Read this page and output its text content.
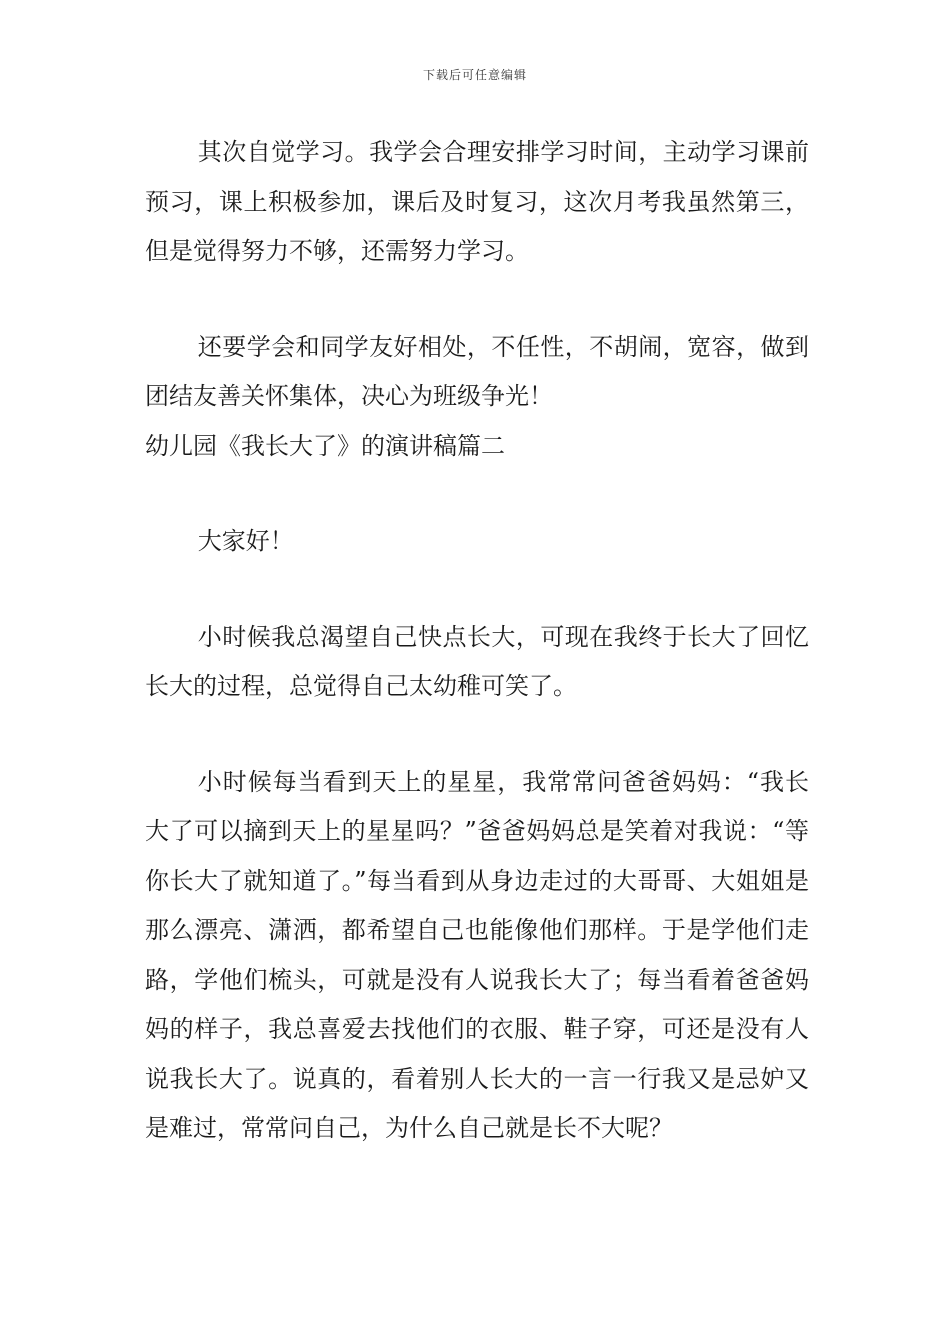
下载后可任意编辑

其次自觉学习。我学会合理安排学习时间，主动学习课前预习，课上积极参加，课后及时复习，这次月考我虽然第三，但是觉得努力不够，还需努力学习。

还要学会和同学友好相处，不任性，不胡闹，宽容，做到团结友善关怀集体，决心为班级争光！

幼儿园《我长大了》的演讲稿篇二

大家好！

小时候我总渴望自己快点长大，可现在我终于长大了回忆长大的过程，总觉得自己太幼稚可笑了。

小时候每当看到天上的星星，我常常问爸爸妈妈：“我长大了可以摘到天上的星星吗？”爸爸妈妈总是笑着对我说：“等你长大了就知道了。”每当看到从身边走过的大哥哥、大姐姐是那么漂亮、潇洒，都希望自己也能像他们那样。于是学他们走路，学他们梳头，可就是没有人说我长大了；每当看着爸爸妈妈的样子，我总喜爱去找他们的衣服、鞋子穿，可还是没有人说我长大了。说真的，看着别人长大的一言一行我又是忌妒又是难过，常常问自己，为什么自己就是长不大呢？
